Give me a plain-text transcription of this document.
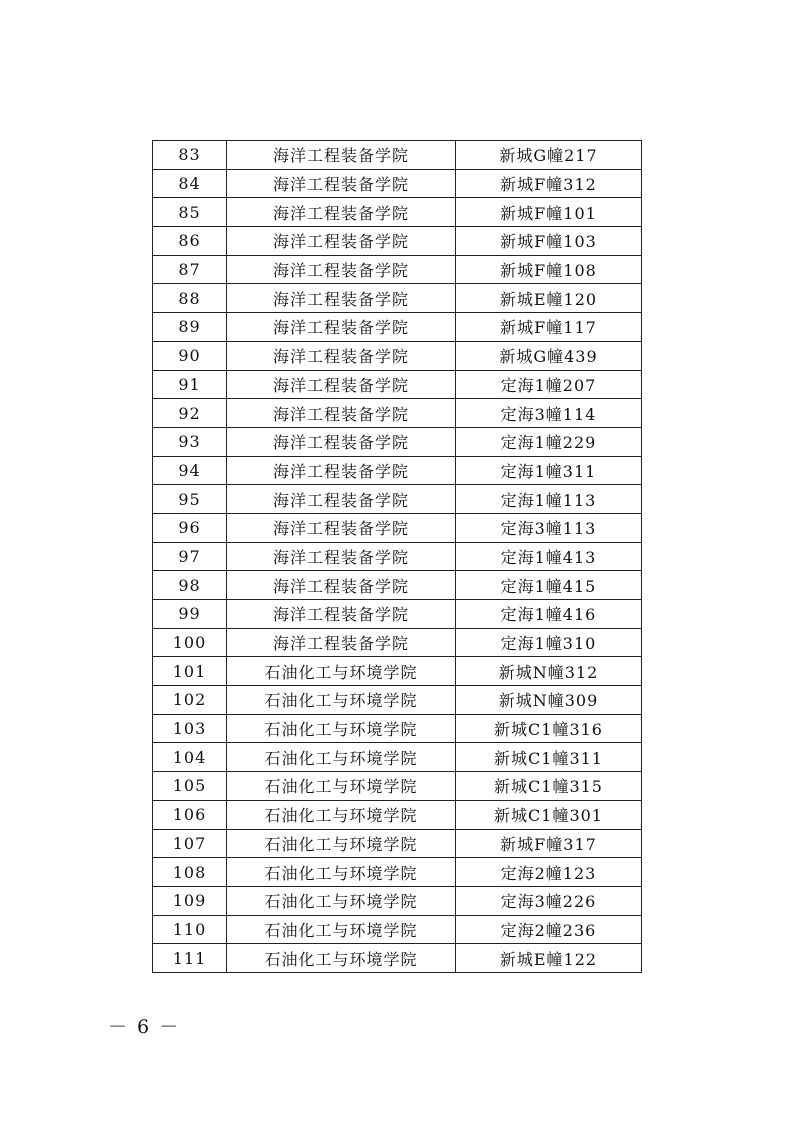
83	海洋工程装备学院	新城G幢217
84	海洋工程装备学院	新城F幢312
85	海洋工程装备学院	新城F幢101
86	海洋工程装备学院	新城F幢103
87	海洋工程装备学院	新城F幢108
88	海洋工程装备学院	新城E幢120
89	海洋工程装备学院	新城F幢117
90	海洋工程装备学院	新城G幢439
91	海洋工程装备学院	定海1幢207
92	海洋工程装备学院	定海3幢114
93	海洋工程装备学院	定海1幢229
94	海洋工程装备学院	定海1幢311
95	海洋工程装备学院	定海1幢113
96	海洋工程装备学院	定海3幢113
97	海洋工程装备学院	定海1幢413
98	海洋工程装备学院	定海1幢415
99	海洋工程装备学院	定海1幢416
100	海洋工程装备学院	定海1幢310
101	石油化工与环境学院	新城N幢312
102	石油化工与环境学院	新城N幢309
103	石油化工与环境学院	新城C1幢316
104	石油化工与环境学院	新城C1幢311
105	石油化工与环境学院	新城C1幢315
106	石油化工与环境学院	新城C1幢301
107	石油化工与环境学院	新城F幢317
108	石油化工与环境学院	定海2幢123
109	石油化工与环境学院	定海3幢226
110	石油化工与环境学院	定海2幢236
111	石油化工与环境学院	新城E幢122
－ 6 －
